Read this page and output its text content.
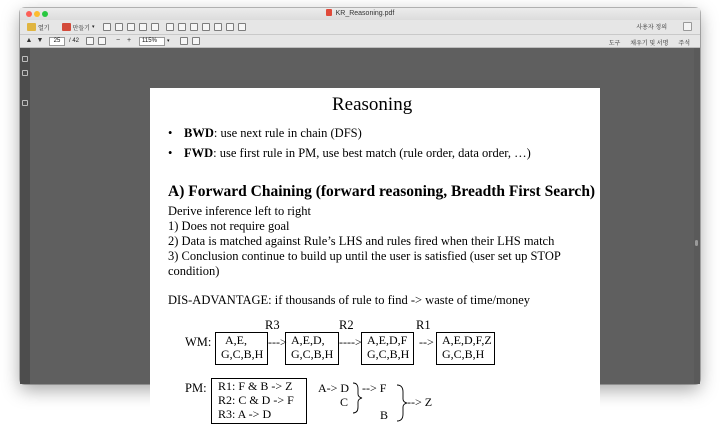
KR_Reasoning.pdf
열기	만들기 ▾	사용자 정의
▲ ▼	25	/ 42	− +	115%	▾	도구 채우기 및 서명 주석
Reasoning
• BWD: use next rule in chain (DFS)
• FWD: use first rule in PM, use best match (rule order, data order, …)
A) Forward Chaining (forward reasoning, Breadth First Search)
Derive inference left to right
1) Does not require goal
2) Data is matched against Rule’s LHS and rules fired when their LHS match
3) Conclusion continue to build up until the user is satisfied (user set up STOP
condition)
DIS-ADVANTAGE: if thousands of rule to find -> waste of time/money
R3	R2	R1
WM:	A,E,
G,C,B,H
---> A,E,D,
G,C,B,H
----> A,E,D,F
G,C,B,H
--> A,E,D,F,Z
G,C,B,H
PM: R1: F & B -> Z
R2: C & D -> F
R3: A -> D
A-> D
C
--> F
B
--> Z
